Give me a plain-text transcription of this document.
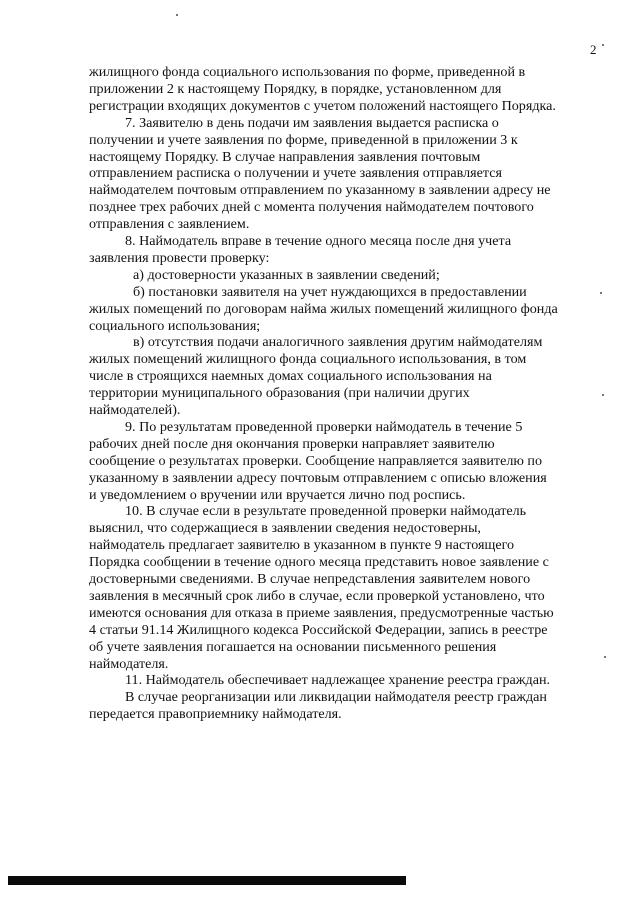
2
жилищного фонда социального использования по форме, приведенной в
приложении 2 к настоящему Порядку, в порядке, установленном для
регистрации входящих документов с учетом положений настоящего Порядка.
7. Заявителю в день подачи им заявления выдается расписка о
получении и учете заявления по форме, приведенной в приложении 3 к
настоящему Порядку. В случае направления заявления почтовым
отправлением расписка о получении и учете заявления отправляется
наймодателем почтовым отправлением по указанному в заявлении адресу не
позднее трех рабочих дней с момента получения наймодателем почтового
отправления с заявлением.
8. Наймодатель вправе в течение одного месяца после дня учета
заявления провести проверку:
а) достоверности указанных в заявлении сведений;
б) постановки заявителя на учет нуждающихся в предоставлении
жилых помещений по договорам найма жилых помещений жилищного фонда
социального использования;
в) отсутствия подачи аналогичного заявления другим наймодателям
жилых помещений жилищного фонда социального использования, в том
числе в строящихся наемных домах социального использования на
территории муниципального образования (при наличии других
наймодателей).
9. По результатам проведенной проверки наймодатель в течение 5
рабочих дней после дня окончания проверки направляет заявителю
сообщение о результатах проверки. Сообщение направляется заявителю по
указанному в заявлении адресу почтовым отправлением с описью вложения
и уведомлением о вручении или вручается лично под роспись.
10. В случае если в результате проведенной проверки наймодатель
выяснил, что содержащиеся в заявлении сведения недостоверны,
наймодатель предлагает заявителю в указанном в пункте 9 настоящего
Порядка сообщении в течение одного месяца представить новое заявление с
достоверными сведениями. В случае непредставления заявителем нового
заявления в месячный срок либо в случае, если проверкой установлено, что
имеются основания для отказа в приеме заявления, предусмотренные частью
4 статьи 91.14 Жилищного кодекса Российской Федерации, запись в реестре
об учете заявления погашается на основании письменного решения
наймодателя.
11. Наймодатель обеспечивает надлежащее хранение реестра граждан.
В случае реорганизации или ликвидации наймодателя реестр граждан
передается правоприемнику наймодателя.
